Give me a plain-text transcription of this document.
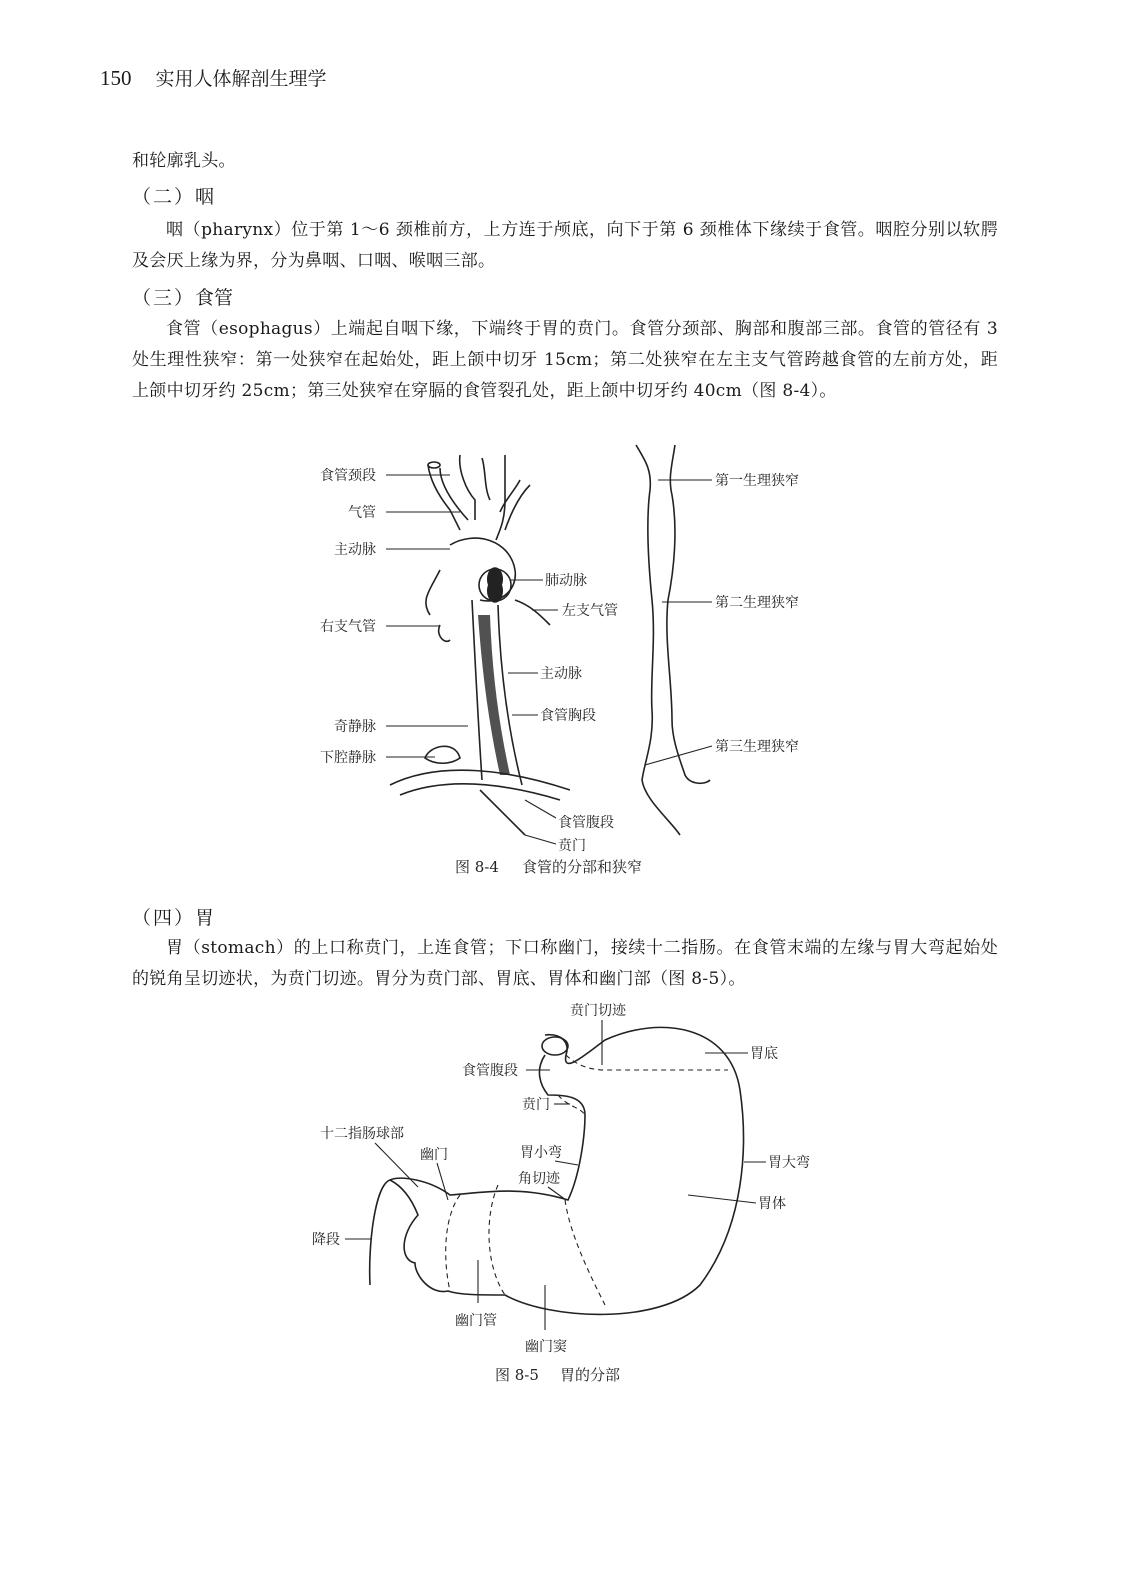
150 实用人体解剖生理学
和轮廓乳头。
（二）咽
咽（pharynx）位于第 1～6 颈椎前方，上方连于颅底，向下于第 6 颈椎体下缘续于食管。咽腔分别以软腭及会厌上缘为界，分为鼻咽、口咽、喉咽三部。
（三）食管
食管（esophagus）上端起自咽下缘，下端终于胃的贲门。食管分颈部、胸部和腹部三部。食管的管径有 3 处生理性狭窄：第一处狭窄在起始处，距上颌中切牙 15cm；第二处狭窄在左主支气管跨越食管的左前方处，距上颌中切牙约 25cm；第三处狭窄在穿膈的食管裂孔处，距上颌中切牙约 40cm（图 8-4）。
食管颈段
气管
主动脉
右支气管
奇静脉
下腔静脉
肺动脉
左支气管
主动脉
食管胸段
食管腹段
贲门
第一生理狭窄
第二生理狭窄
第三生理狭窄
图 8-4 食管的分部和狭窄
（四）胃
胃（stomach）的上口称贲门，上连食管；下口称幽门，接续十二指肠。在食管末端的左缘与胃大弯起始处的锐角呈切迹状，为贲门切迹。胃分为贲门部、胃底、胃体和幽门部（图 8-5）。
贲门切迹
胃底
食管腹段
贲门
十二指肠球部
幽门	胃小弯
角切迹
胃大弯
胃体
降段
幽门管
幽门窦
图 8-5 胃的分部
